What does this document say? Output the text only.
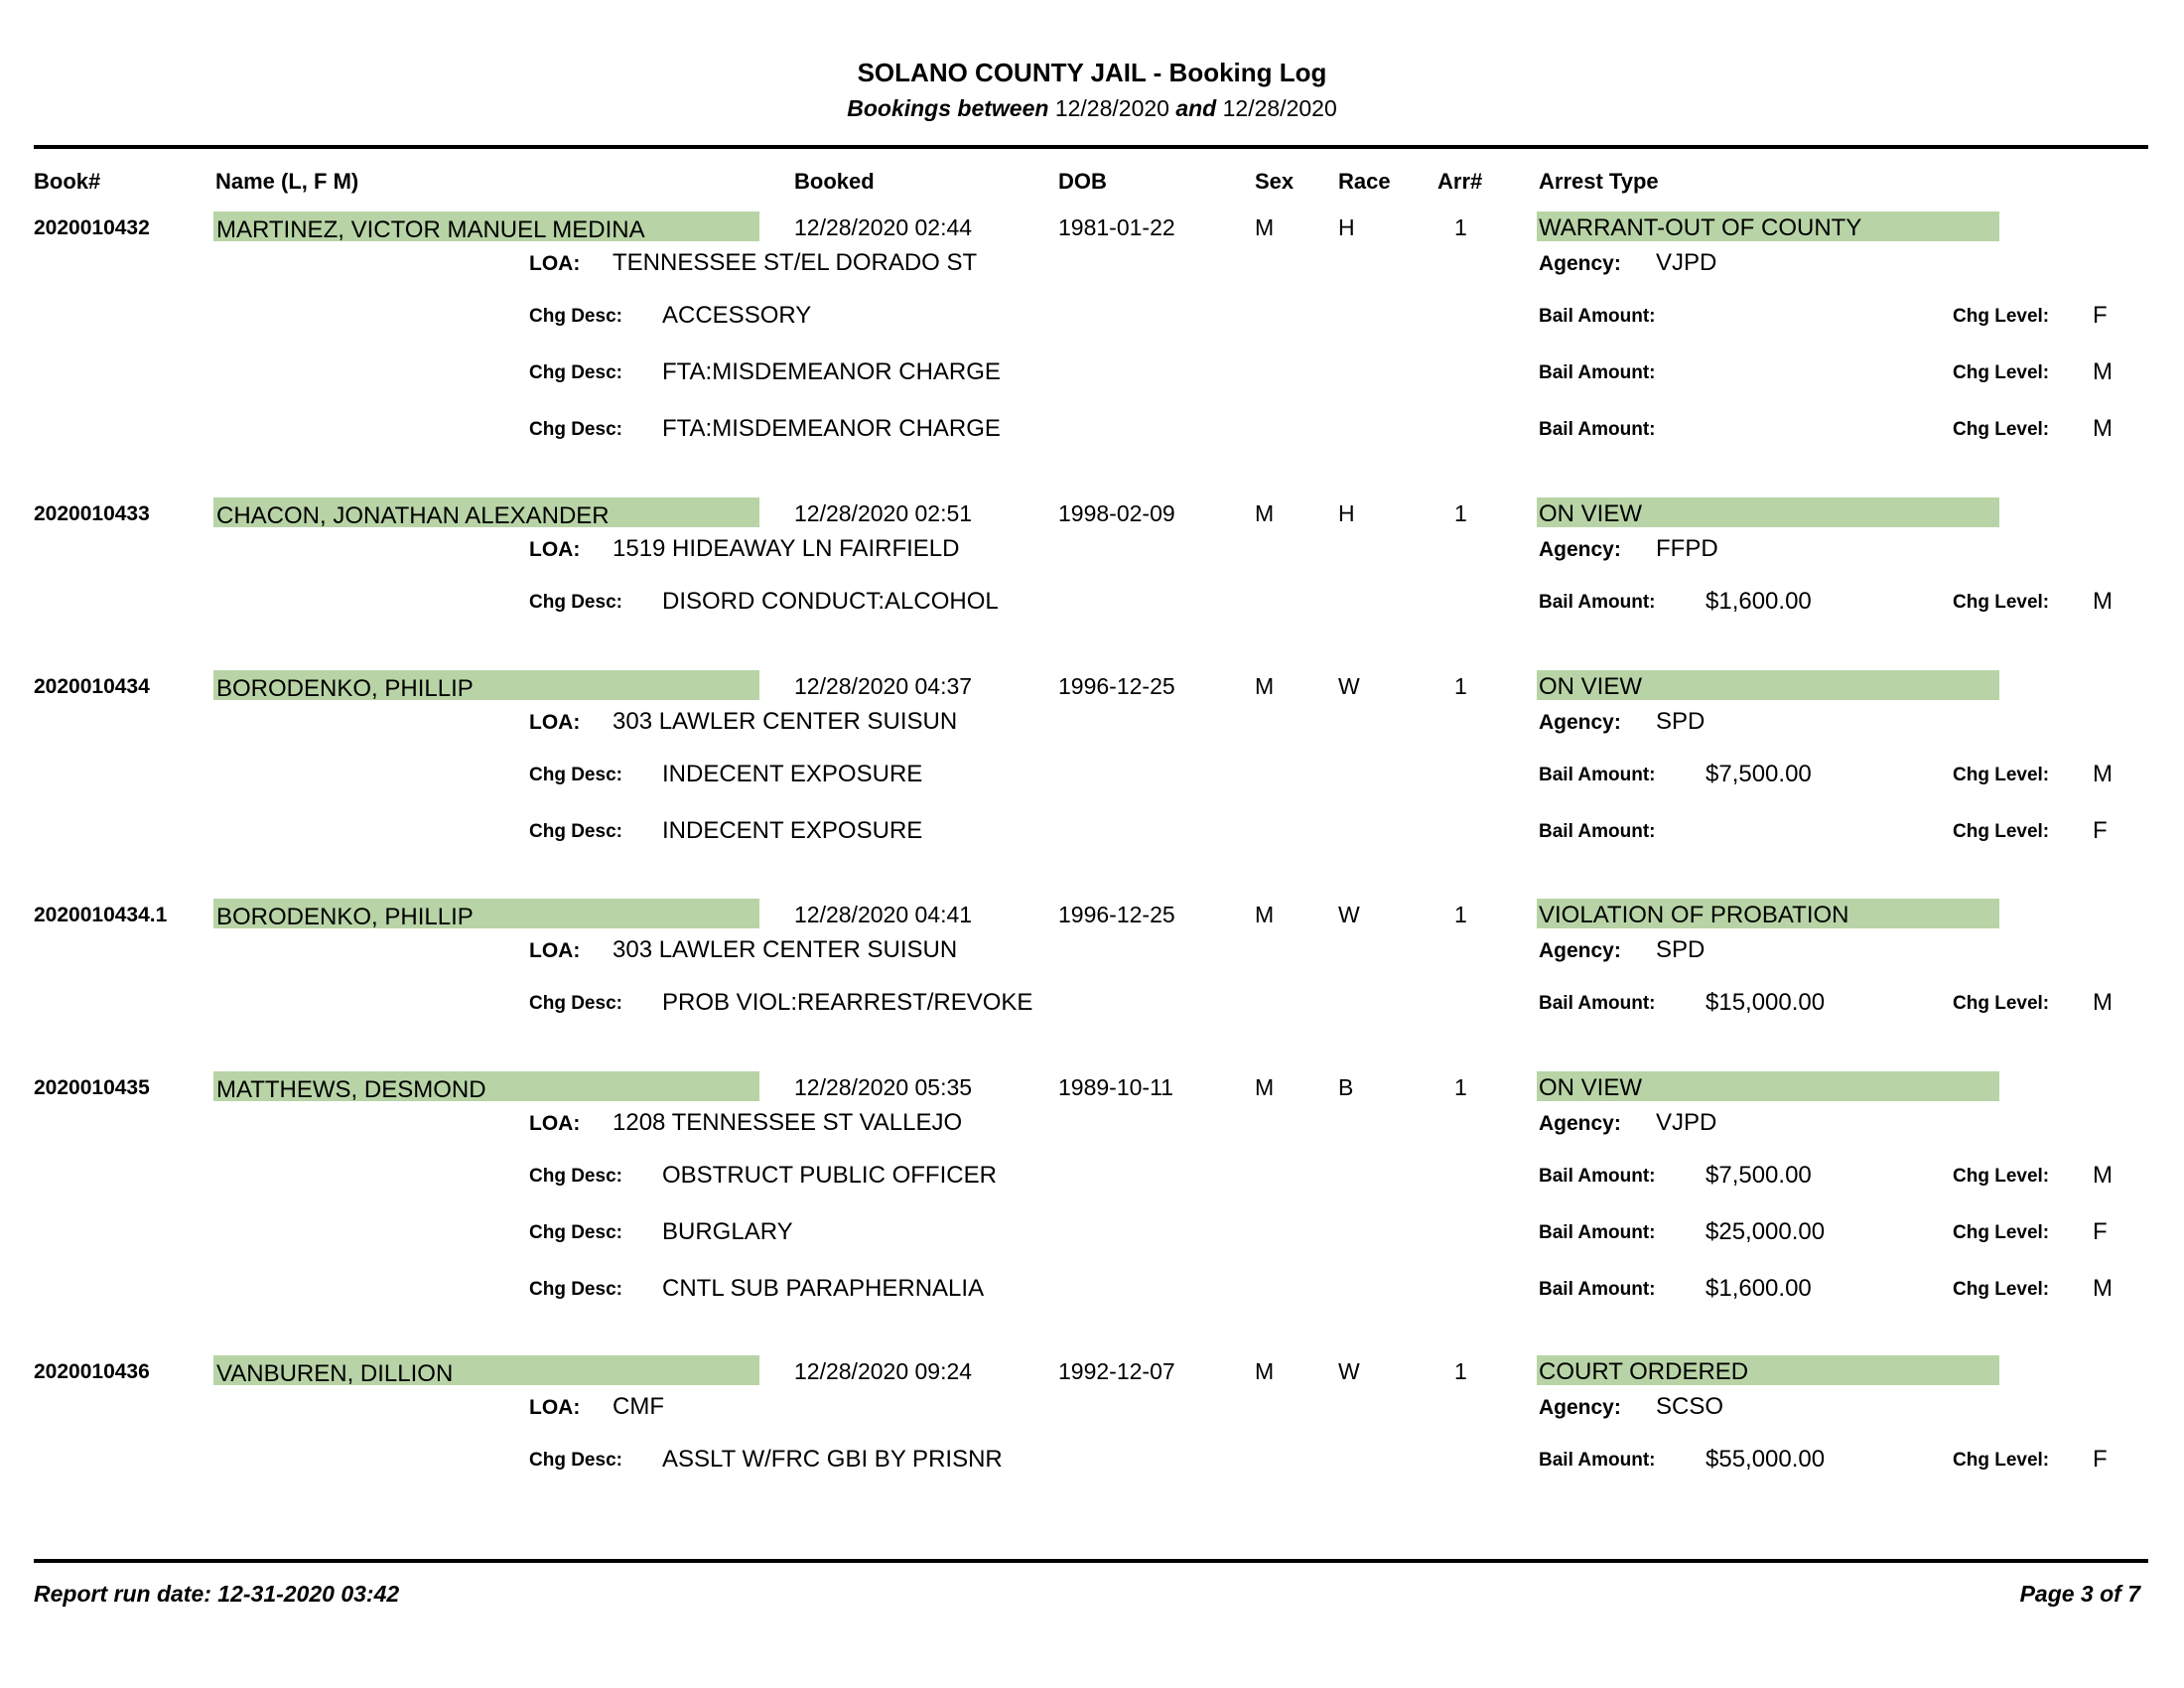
SOLANO COUNTY JAIL - Booking Log
Bookings between 12/28/2020 and 12/28/2020
Book#	Name (L, F M)	Booked	DOB	Sex Race Arr#	Arrest Type
2020010432	MARTINEZ, VICTOR MANUEL MEDINA	12/28/2020 02:44	1981-01-22	M	H	1	WARRANT-OUT OF COUNTY
LOA: TENNESSEE ST/EL DORADO ST	Agency: VJPD
Chg Desc: ACCESSORY	Bail Amount:	Chg Level: F
Chg Desc: FTA:MISDEMEANOR CHARGE	Bail Amount:	Chg Level: M
Chg Desc: FTA:MISDEMEANOR CHARGE	Bail Amount:	Chg Level: M
2020010433	CHACON, JONATHAN ALEXANDER	12/28/2020 02:51	1998-02-09	M	H	1	ON VIEW
LOA: 1519 HIDEAWAY LN FAIRFIELD	Agency: FFPD
Chg Desc: DISORD CONDUCT:ALCOHOL	Bail Amount: $1,600.00	Chg Level: M
2020010434	BORODENKO, PHILLIP	12/28/2020 04:37	1996-12-25	M	W	1	ON VIEW
LOA: 303 LAWLER CENTER SUISUN	Agency: SPD
Chg Desc: INDECENT EXPOSURE	Bail Amount: $7,500.00	Chg Level: M
Chg Desc: INDECENT EXPOSURE	Bail Amount:	Chg Level: F
2020010434.1 BORODENKO, PHILLIP	12/28/2020 04:41	1996-12-25	M	W	1	VIOLATION OF PROBATION
LOA: 303 LAWLER CENTER SUISUN	Agency: SPD
Chg Desc: PROB VIOL:REARREST/REVOKE	Bail Amount: $15,000.00	Chg Level: M
2020010435	MATTHEWS, DESMOND	12/28/2020 05:35	1989-10-11	M	B	1	ON VIEW
LOA: 1208 TENNESSEE ST VALLEJO	Agency: VJPD
Chg Desc: OBSTRUCT PUBLIC OFFICER	Bail Amount: $7,500.00	Chg Level: M
Chg Desc: BURGLARY	Bail Amount: $25,000.00	Chg Level: F
Chg Desc: CNTL SUB PARAPHERNALIA	Bail Amount: $1,600.00	Chg Level: M
2020010436	VANBUREN, DILLION	12/28/2020 09:24	1992-12-07	M	W	1	COURT ORDERED
LOA: CMF	Agency: SCSO
Chg Desc: ASSLT W/FRC GBI BY PRISNR	Bail Amount: $55,000.00	Chg Level: F
Report run date: 12-31-2020 03:42	Page 3 of 7
